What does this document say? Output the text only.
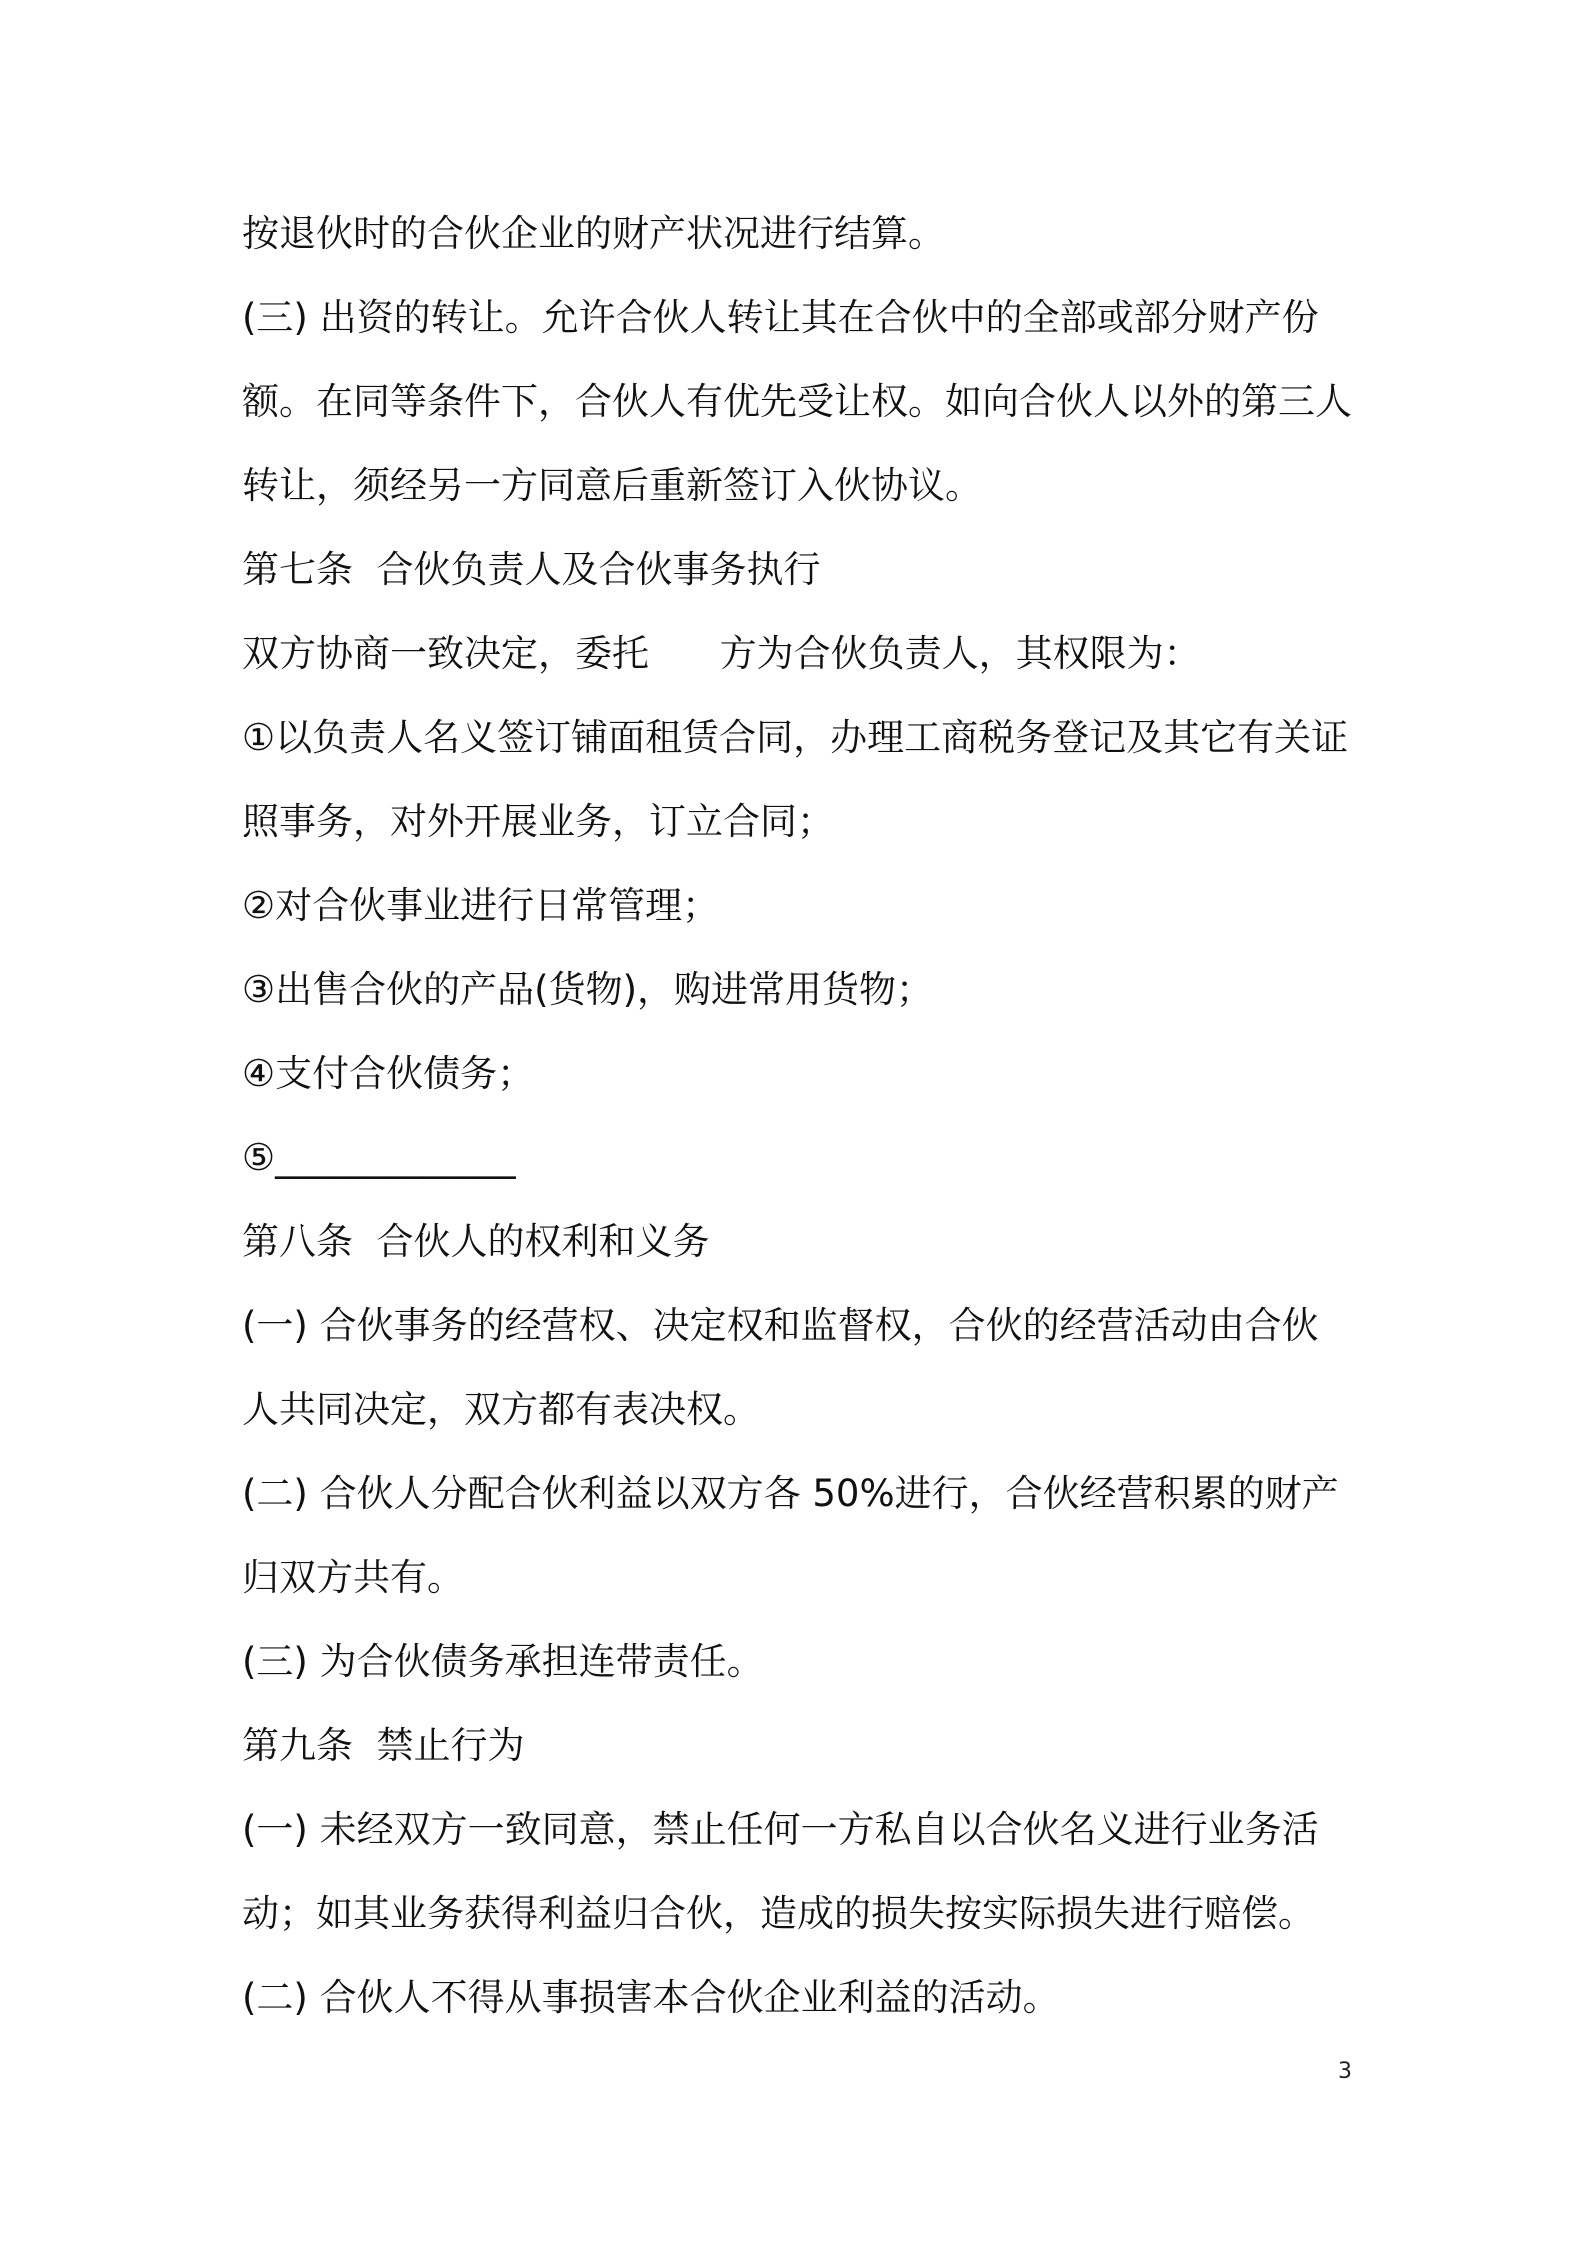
按退伙时的合伙企业的财产状况进行结算。
(三) 出资的转让。允许合伙人转让其在合伙中的全部或部分财产份
额。在同等条件下，合伙人有优先受让权。如向合伙人以外的第三人
转让，须经另一方同意后重新签订入伙协议。
第七条  合伙负责人及合伙事务执行
双方协商一致决定，委托      方为合伙负责人，其权限为：
①以负责人名义签订铺面租赁合同，办理工商税务登记及其它有关证
照事务，对外开展业务，订立合同；
②对合伙事业进行日常管理；
③出售合伙的产品(货物)，购进常用货物；
④支付合伙债务；
⑤_____________
第八条  合伙人的权利和义务
(一) 合伙事务的经营权、决定权和监督权，合伙的经营活动由合伙
人共同决定，双方都有表决权。
(二) 合伙人分配合伙利益以双方各 50%进行，合伙经营积累的财产
归双方共有。
(三) 为合伙债务承担连带责任。
第九条  禁止行为
(一) 未经双方一致同意，禁止任何一方私自以合伙名义进行业务活
动；如其业务获得利益归合伙，造成的损失按实际损失进行赔偿。
(二) 合伙人不得从事损害本合伙企业利益的活动。
3
